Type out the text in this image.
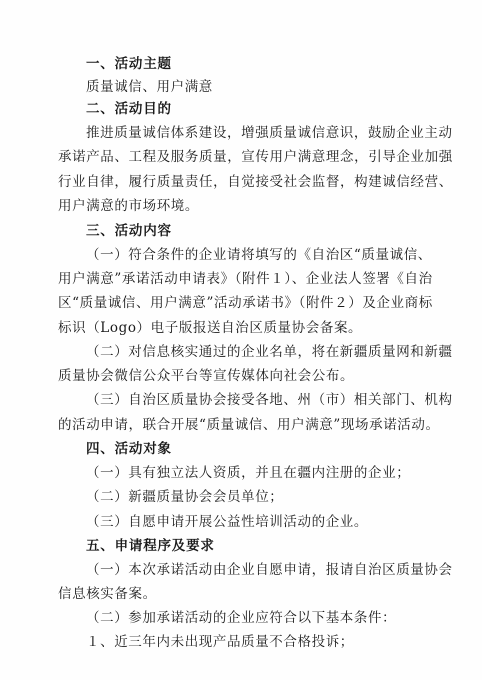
一、活动主题
质量诚信、用户满意
二、活动目的
推进质量诚信体系建设，增强质量诚信意识，鼓励企业主动
承诺产品、工程及服务质量，宣传用户满意理念，引导企业加强
行业自律，履行质量责任，自觉接受社会监督，构建诚信经营、
用户满意的市场环境。
三、活动内容
（一）符合条件的企业请将填写的《自治区“质量诚信、
用户满意”承诺活动申请表》（附件１）、企业法人签署《自治
区“质量诚信、用户满意”活动承诺书》（附件２）及企业商标
标识（Logo）电子版报送自治区质量协会备案。
（二）对信息核实通过的企业名单，将在新疆质量网和新疆
质量协会微信公众平台等宣传媒体向社会公布。
（三）自治区质量协会接受各地、州（市）相关部门、机构
的活动申请，联合开展“质量诚信、用户满意”现场承诺活动。
四、活动对象
（一）具有独立法人资质，并且在疆内注册的企业；
（二）新疆质量协会会员单位；
（三）自愿申请开展公益性培训活动的企业。
五、申请程序及要求
（一）本次承诺活动由企业自愿申请，报请自治区质量协会
信息核实备案。
（二）参加承诺活动的企业应符合以下基本条件：
１、近三年内未出现产品质量不合格投诉；
